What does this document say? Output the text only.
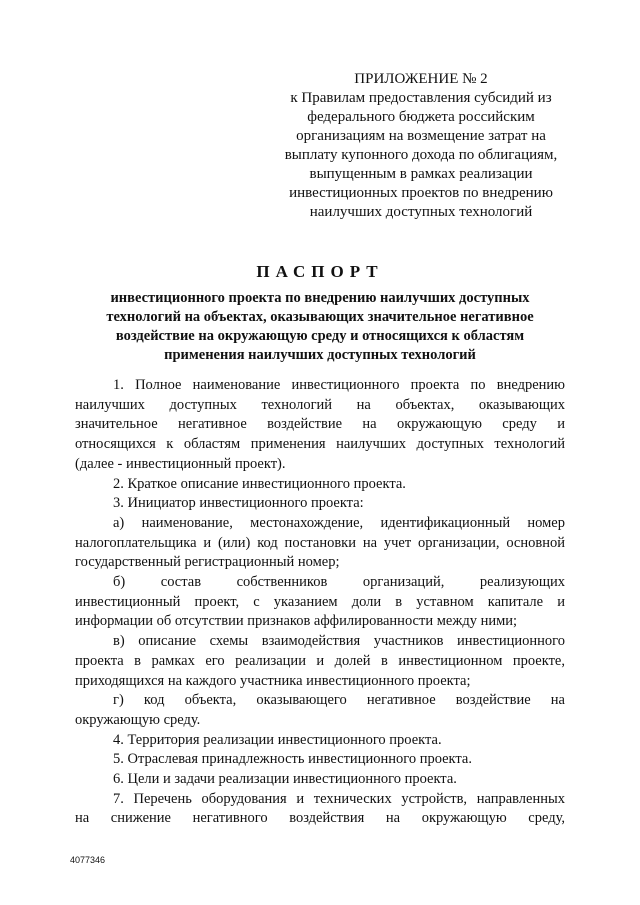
ПРИЛОЖЕНИЕ № 2
к Правилам предоставления субсидий из
федерального бюджета российским
организациям на возмещение затрат на
выплату купонного дохода по облигациям,
выпущенным в рамках реализации
инвестиционных проектов по внедрению
наилучших доступных технологий
ПАСПОРТ
инвестиционного проекта по внедрению наилучших доступных
технологий на объектах, оказывающих значительное негативное
воздействие на окружающую среду и относящихся к областям
применения наилучших доступных технологий
1. Полное наименование инвестиционного проекта по внедрению
наилучших доступных технологий на объектах, оказывающих
значительное негативное воздействие на окружающую среду и
относящихся к областям применения наилучших доступных технологий
(далее - инвестиционный проект).
2. Краткое описание инвестиционного проекта.
3. Инициатор инвестиционного проекта:
а) наименование, местонахождение, идентификационный номер
налогоплательщика и (или) код постановки на учет организации, основной
государственный регистрационный номер;
б) состав собственников организаций, реализующих
инвестиционный проект, с указанием доли в уставном капитале и
информации об отсутствии признаков аффилированности между ними;
в) описание схемы взаимодействия участников инвестиционного
проекта в рамках его реализации и долей в инвестиционном проекте,
приходящихся на каждого участника инвестиционного проекта;
г) код объекта, оказывающего негативное воздействие на
окружающую среду.
4. Территория реализации инвестиционного проекта.
5. Отраслевая принадлежность инвестиционного проекта.
6. Цели и задачи реализации инвестиционного проекта.
7. Перечень оборудования и технических устройств, направленных
на снижение негативного воздействия на окружающую среду,
4077346
